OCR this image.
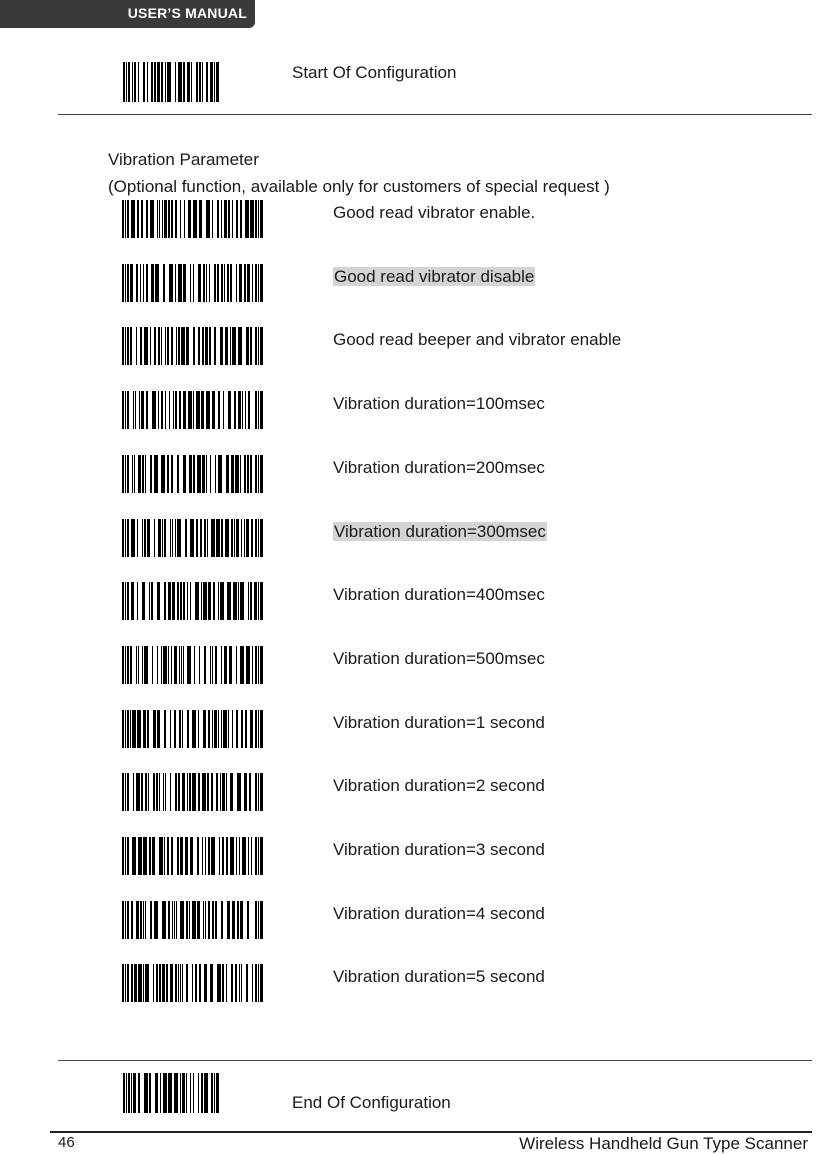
USER’S MANUAL
Start Of Configuration
Vibration Parameter
(Optional function, available only for customers of special request )
Good read vibrator enable.
Good read vibrator disable
Good read beeper and vibrator enable
Vibration duration=100msec
Vibration duration=200msec
Vibration duration=300msec
Vibration duration=400msec
Vibration duration=500msec
Vibration duration=1 second
Vibration duration=2 second
Vibration duration=3 second
Vibration duration=4 second
Vibration duration=5 second
End Of Configuration
46	Wireless Handheld Gun Type Scanner
